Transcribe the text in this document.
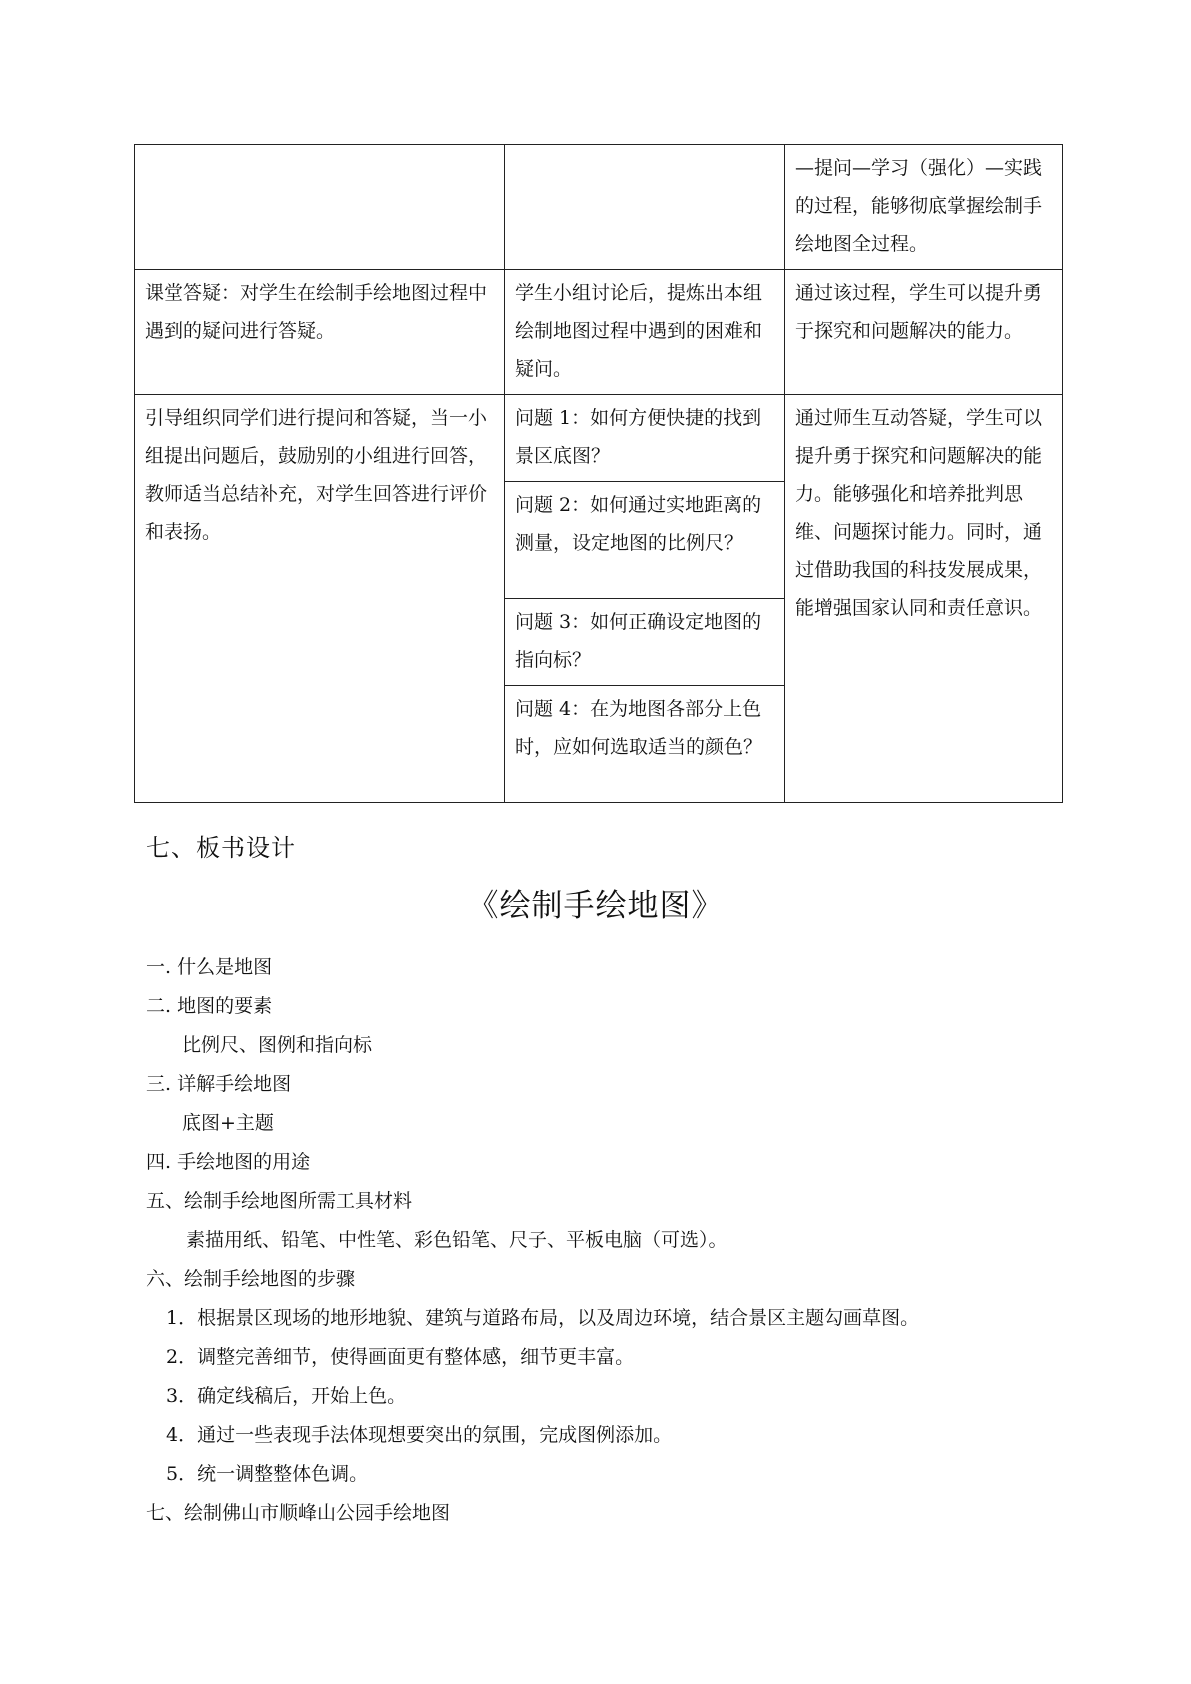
		—提问—学习（强化）—实践的过程，能够彻底掌握绘制手绘地图全过程。
课堂答疑：对学生在绘制手绘地图过程中遇到的疑问进行答疑。	学生小组讨论后，提炼出本组绘制地图过程中遇到的困难和疑问。	通过该过程，学生可以提升勇于探究和问题解决的能力。
引导组织同学们进行提问和答疑，当一小组提出问题后，鼓励别的小组进行回答，教师适当总结补充，对学生回答进行评价和表扬。	问题 1：如何方便快捷的找到景区底图？	通过师生互动答疑，学生可以提升勇于探究和问题解决的能力。能够强化和培养批判思维、问题探讨能力。同时，通过借助我国的科技发展成果，能增强国家认同和责任意识。
	问题 2：如何通过实地距离的测量，设定地图的比例尺？	
	问题 3：如何正确设定地图的指向标？	
	问题 4：在为地图各部分上色时，应如何选取适当的颜色？	
七、板书设计
《绘制手绘地图》
一. 什么是地图
二. 地图的要素
比例尺、图例和指向标
三. 详解手绘地图
底图+主题
四. 手绘地图的用途
五、绘制手绘地图所需工具材料
素描用纸、铅笔、中性笔、彩色铅笔、尺子、平板电脑（可选）。
六、绘制手绘地图的步骤
1．根据景区现场的地形地貌、建筑与道路布局，以及周边环境，结合景区主题勾画草图。
2．调整完善细节，使得画面更有整体感，细节更丰富。
3．确定线稿后，开始上色。
4．通过一些表现手法体现想要突出的氛围，完成图例添加。
5．统一调整整体色调。
七、绘制佛山市顺峰山公园手绘地图
